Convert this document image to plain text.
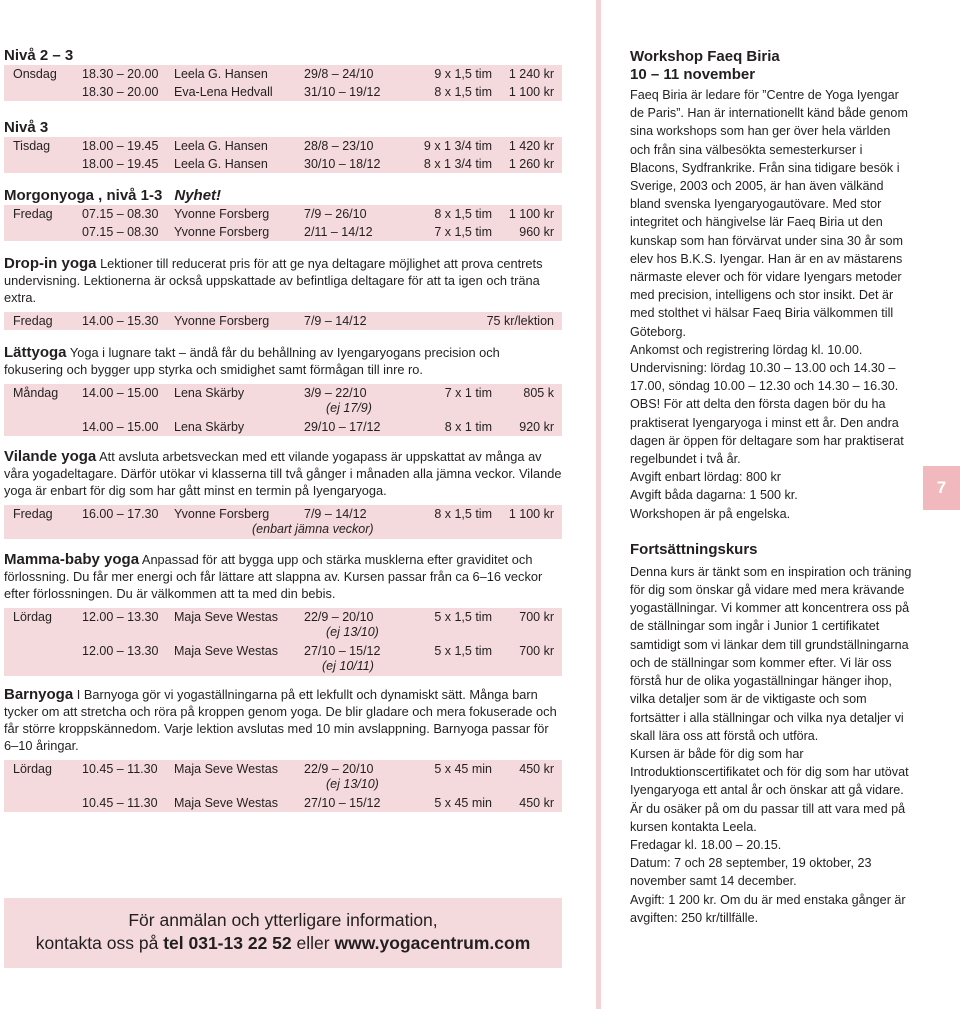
Nivå 2 – 3

Onsdag 18.30 – 20.00 Leela G. Hansen	29/8 – 24/10	9 x 1,5 tim 1 240 kr
18.30 – 20.00 Eva-Lena Hedvall	31/10 – 19/12	8 x 1,5 tim 1 100 kr

Nivå 3

Tisdag	18.00 – 19.45 Leela G. Hansen	28/8 – 23/10	9 x 1 3/4 tim 1 420 kr
18.00 – 19.45 Leela G. Hansen	30/10 – 18/12	8 x 1 3/4 tim 1 260 kr

Morgonyoga , nivå 1-3 Nyhet!

Fredag 07.15 – 08.30 Yvonne Forsberg	7/9 – 26/10	8 x 1,5 tim 1 100 kr
07.15 – 08.30 Yvonne Forsberg	2/11 – 14/12	7 x 1,5 tim 960 kr

Drop-in yoga Lektioner till reducerat pris för att ge nya deltagare möjlighet att prova centrets undervisning. Lektionerna är också uppskattade av befintliga deltagare för att ta igen och träna extra.

Fredag 14.00 – 15.30 Yvonne Forsberg	7/9 – 14/12	75 kr/lektion

Lättyoga Yoga i lugnare takt – ändå får du behållning av Iyengaryogans precision och fokusering och bygger upp styrka och smidighet samt förmågan till inre ro.

Måndag 14.00 – 15.00 Lena Skärby	3/9 – 22/10	7 x 1 tim	805 k
(ej 17/9)
14.00 – 15.00 Lena Skärby	29/10 – 17/12	8 x 1 tim 920 kr

Vilande yoga Att avsluta arbetsveckan med ett vilande yogapass är uppskattat av många av våra yogadeltagare. Därför utökar vi klasserna till två gånger i månaden alla jämna veckor. Vilande yoga är enbart för dig som har gått minst en termin på Iyengaryoga.

Fredag 16.00 – 17.30 Yvonne Forsberg	7/9 – 14/12	8 x 1,5 tim 1 100 kr
(enbart jämna veckor)

Mamma-baby yoga Anpassad för att bygga upp och stärka musklerna efter graviditet och förlossning. Du får mer energi och får lättare att slappna av. Kursen passar från ca 6–16 veckor efter förlossningen. Du är välkommen att ta med din bebis.

Lördag 12.00 – 13.30 Maja Seve Westas 22/9 – 20/10	5 x 1,5 tim 700 kr
(ej 13/10)
12.00 – 13.30 Maja Seve Westas 27/10 – 15/12	5 x 1,5 tim 700 kr
(ej 10/11)

Barnyoga I Barnyoga gör vi yogaställningarna på ett lekfullt och dynamiskt sätt. Många barn tycker om att stretcha och röra på kroppen genom yoga. De blir gladare och mera fokuserade och får större kroppskännedom. Varje lektion avslutas med 10 min avslappning. Barnyoga passar för 6–10 åringar.

Lördag 10.45 – 11.30 Maja Seve Westas 22/9 – 20/10	5 x 45 min 450 kr
(ej 13/10)
10.45 – 11.30 Maja Seve Westas 27/10 – 15/12	5 x 45 min 450 kr
För anmälan och ytterligare information,
kontakta oss på tel 031-13 22 52 eller www.yogacentrum.com
Workshop Faeq Biria
10 – 11 november

Faeq Biria är ledare för ”Centre de Yoga Iyengar de Paris”. Han är internationellt känd både genom sina workshops som han ger över hela världen och från sina välbesökta semesterkurser i Blacons, Sydfrankrike. Från sina tidigare besök i Sverige, 2003 och 2005, är han även välkänd bland svenska Iyengaryogautövare. Med stor integritet och hängivelse lär Faeq Biria ut den kunskap som han förvärvat under sina 30 år som elev hos B.K.S. Iyengar. Han är en av mästarens närmaste elever och för vidare Iyengars metoder med precision, intelligens och stor insikt. Det är med stolthet vi hälsar Faeq Biria välkommen till Göteborg.

Ankomst och registrering lördag kl. 10.00.

Undervisning: lördag 10.30 – 13.00 och 14.30 – 17.00, söndag 10.00 – 12.30 och 14.30 – 16.30.

OBS! För att delta den första dagen bör du ha praktiserat Iyengaryoga i minst ett år. Den andra dagen är öppen för deltagare som har praktiserat regelbundet i två år.

Avgift enbart lördag: 800 kr

Avgift båda dagarna: 1 500 kr.

Workshopen är på engelska.

Fortsättningskurs

Denna kurs är tänkt som en inspiration och träning för dig som önskar gå vidare med mera krävande yogaställningar. Vi kommer att koncentrera oss på de ställningar som ingår i Junior 1 certifikatet samtidigt som vi länkar dem till grundställningarna och de ställningar som kommer efter. Vi lär oss förstå hur de olika yogaställningar hänger ihop, vilka detaljer som är de viktigaste och som fortsätter i alla ställningar och vilka nya detaljer vi skall lära oss att förstå och utföra.

Kursen är både för dig som har Introduktionscertifikatet och för dig som har utövat Iyengaryoga ett antal år och önskar att gå vidare. Är du osäker på om du passar till att vara med på kursen kontakta Leela.

Fredagar kl. 18.00 – 20.15.

Datum: 7 och 28 september, 19 oktober, 23 november samt 14 december.

Avgift: 1 200 kr. Om du är med enstaka gånger är avgiften: 250 kr/tillfälle.

7
